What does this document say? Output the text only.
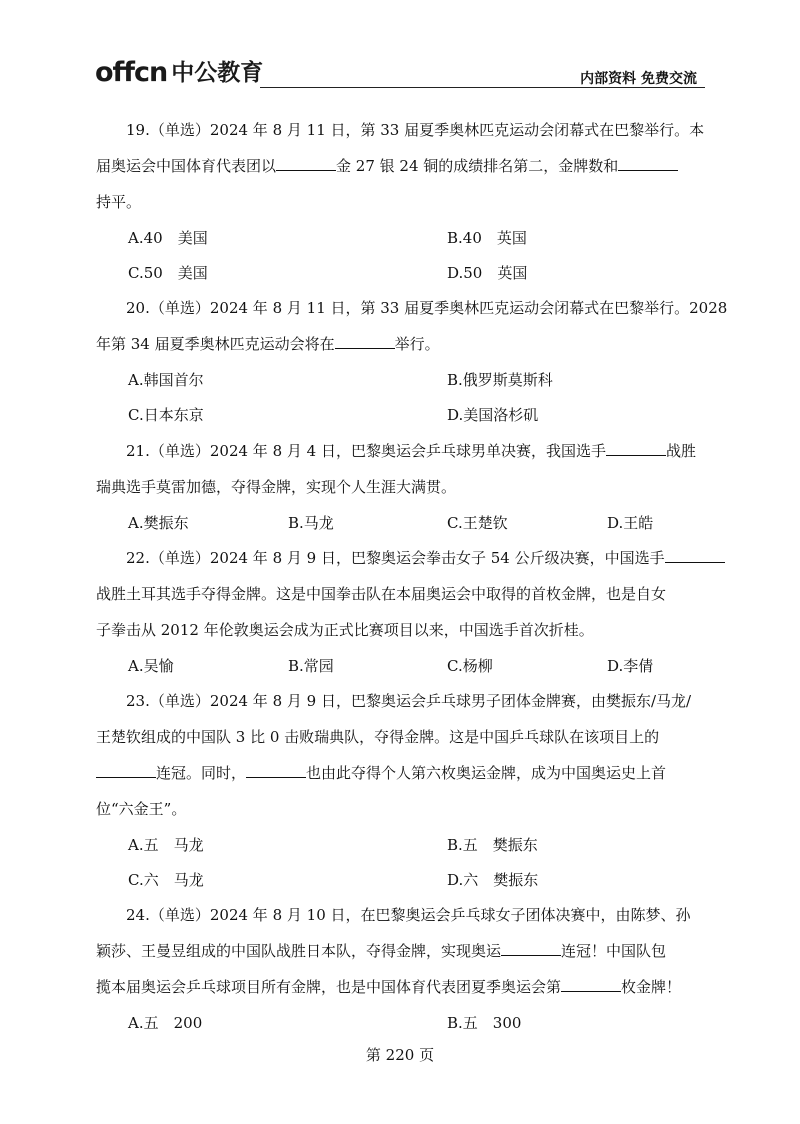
offcn 中公教育	内部资料 免费交流
19.（单选）2024 年 8 月 11 日，第 33 届夏季奥林匹克运动会闭幕式在巴黎举行。本
届奥运会中国体育代表团以	金 27 银 24 铜的成绩排名第二，金牌数和
持平。
A.40　美国	B.40　英国
C.50　美国	D.50　英国
20.（单选）2024 年 8 月 11 日，第 33 届夏季奥林匹克运动会闭幕式在巴黎举行。2028
年第 34 届夏季奥林匹克运动会将在	举行。
A.韩国首尔	B.俄罗斯莫斯科
C.日本东京	D.美国洛杉矶
21.（单选）2024 年 8 月 4 日，巴黎奥运会乒乓球男单决赛，我国选手	战胜
瑞典选手莫雷加德，夺得金牌，实现个人生涯大满贯。
A.樊振东	B.马龙	C.王楚钦	D.王皓
22.（单选）2024 年 8 月 9 日，巴黎奥运会拳击女子 54 公斤级决赛，中国选手
战胜土耳其选手夺得金牌。这是中国拳击队在本届奥运会中取得的首枚金牌，也是自女
子拳击从 2012 年伦敦奥运会成为正式比赛项目以来，中国选手首次折桂。
A.吴愉	B.常园	C.杨柳	D.李倩
23.（单选）2024 年 8 月 9 日，巴黎奥运会乒乓球男子团体金牌赛，由樊振东/马龙/
王楚钦组成的中国队 3 比 0 击败瑞典队，夺得金牌。这是中国乒乓球队在该项目上的
连冠。同时，	也由此夺得个人第六枚奥运金牌，成为中国奥运史上首
位“六金王”。
A.五　马龙	B.五　樊振东
C.六　马龙	D.六　樊振东
24.（单选）2024 年 8 月 10 日，在巴黎奥运会乒乓球女子团体决赛中，由陈梦、孙
颖莎、王曼昱组成的中国队战胜日本队，夺得金牌，实现奥运	连冠！中国队包
揽本届奥运会乒乓球项目所有金牌，也是中国体育代表团夏季奥运会第	枚金牌！
A.五　200	B.五　300
第 220 页
